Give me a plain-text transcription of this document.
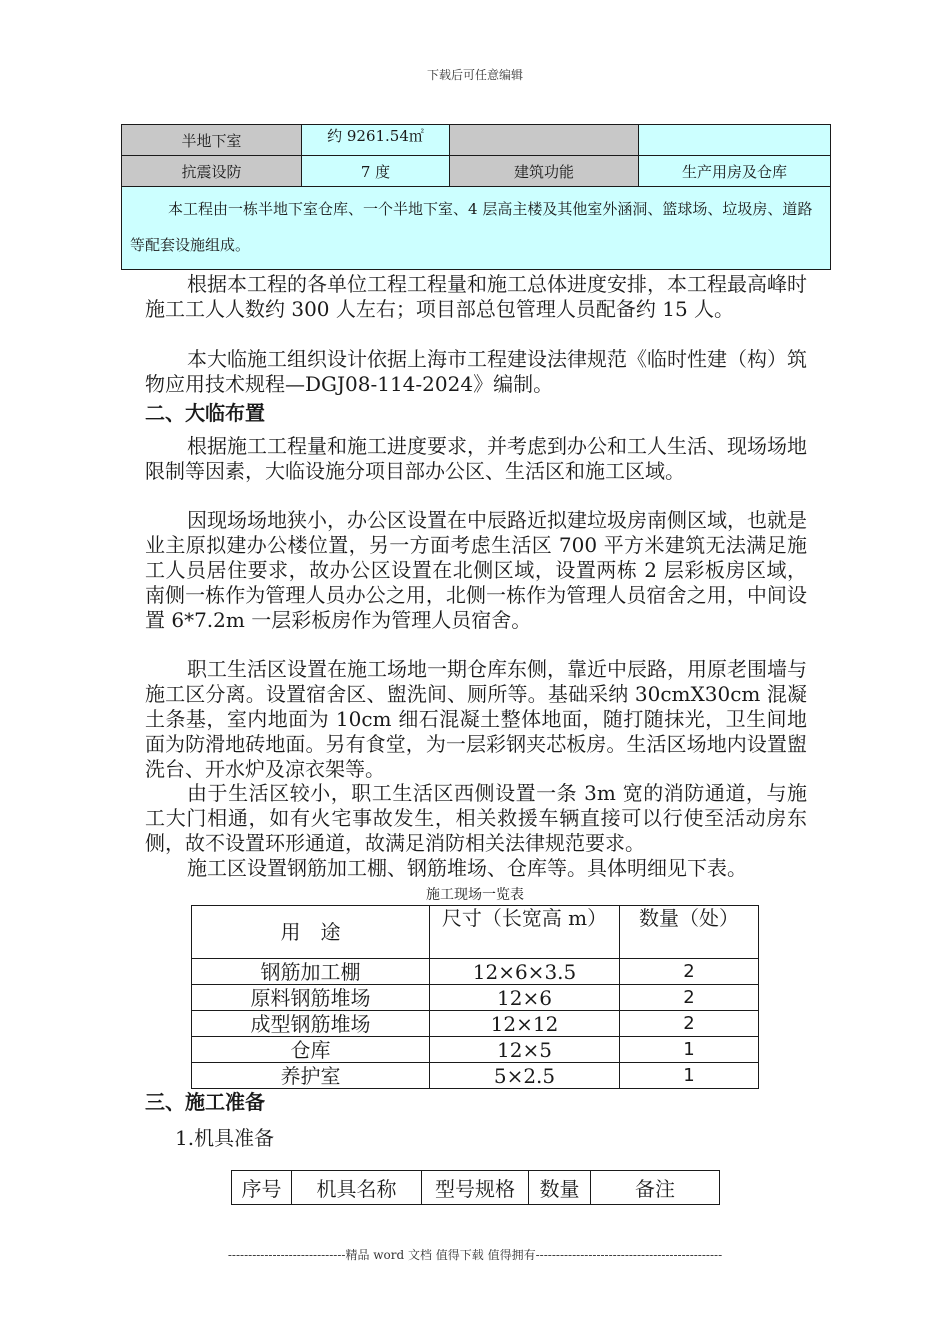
下载后可任意编辑
半地下室	约 9261.54㎡		
抗震设防	7 度	建筑功能	生产用房及仓库
本工程由一栋半地下室仓库、一个半地下室、4 层高主楼及其他室外涵洞、篮球场、垃圾房、道路等配套设施组成。			

根据本工程的各单位工程工程量和施工总体进度安排，本工程最高峰时施工工人人数约 300 人左右；项目部总包管理人员配备约 15 人。

本大临施工组织设计依据上海市工程建设法律规范《临时性建（构）筑物应用技术规程—DGJ08-114-2024》编制。

二、大临布置

根据施工工程量和施工进度要求，并考虑到办公和工人生活、现场场地限制等因素，大临设施分项目部办公区、生活区和施工区域。

因现场场地狭小，办公区设置在中辰路近拟建垃圾房南侧区域，也就是业主原拟建办公楼位置，另一方面考虑生活区 700 平方米建筑无法满足施工人员居住要求，故办公区设置在北侧区域，设置两栋 2 层彩板房区域，南侧一栋作为管理人员办公之用，北侧一栋作为管理人员宿舍之用，中间设置 6*7.2m 一层彩板房作为管理人员宿舍。

职工生活区设置在施工场地一期仓库东侧，靠近中辰路，用原老围墙与施工区分离。设置宿舍区、盥洗间、厕所等。基础采纳 30cmX30cm 混凝土条基，室内地面为 10cm 细石混凝土整体地面，随打随抹光，卫生间地面为防滑地砖地面。另有食堂，为一层彩钢夹芯板房。生活区场地内设置盥洗台、开水炉及凉衣架等。

由于生活区较小，职工生活区西侧设置一条 3m 宽的消防通道，与施工大门相通，如有火宅事故发生，相关救援车辆直接可以行使至活动房东侧，故不设置环形通道，故满足消防相关法律规范要求。

施工区设置钢筋加工棚、钢筋堆场、仓库等。具体明细见下表。

施工现场一览表
用　途	尺寸（长宽高 m）	数量（处）
钢筋加工棚	12×6×3.5	2
原料钢筋堆场	12×6	2
成型钢筋堆场	12×12	2
仓库	12×5	1
养护室	5×2.5	1

三、施工准备

1.机具准备

序号	机具名称	型号规格	数量	备注
-----------------------------精品 word 文档 值得下载 值得拥有----------------------------------------------
